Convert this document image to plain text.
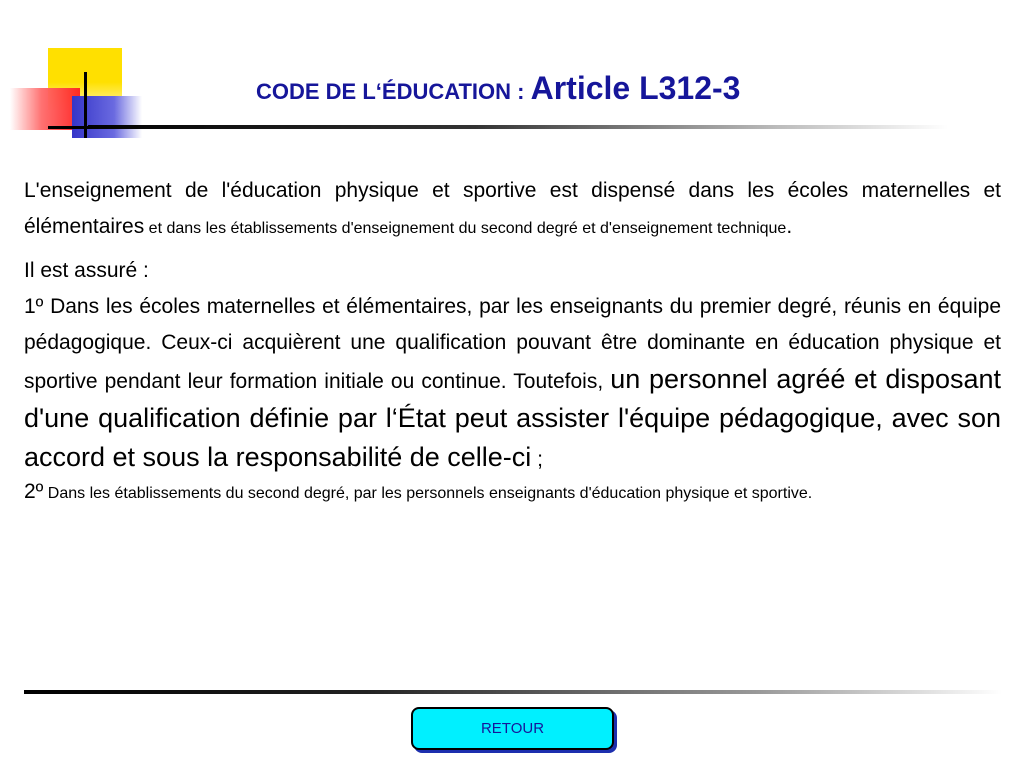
CODE DE L‘ÉDUCATION : Article L312-3

L'enseignement de l'éducation physique et sportive est dispensé dans les écoles maternelles et élémentaires et dans les établissements d'enseignement du second degré et d'enseignement technique.

Il est assuré :
1º Dans les écoles maternelles et élémentaires, par les enseignants du premier degré, réunis en équipe pédagogique. Ceux-ci acquièrent une qualification pouvant être dominante en éducation physique et sportive pendant leur formation initiale ou continue. Toutefois, un personnel agréé et disposant d'une qualification définie par l‘État peut assister l'équipe pédagogique, avec son accord et sous la responsabilité de celle-ci ;

2º Dans les établissements du second degré, par les personnels enseignants d'éducation physique et sportive.

RETOUR
